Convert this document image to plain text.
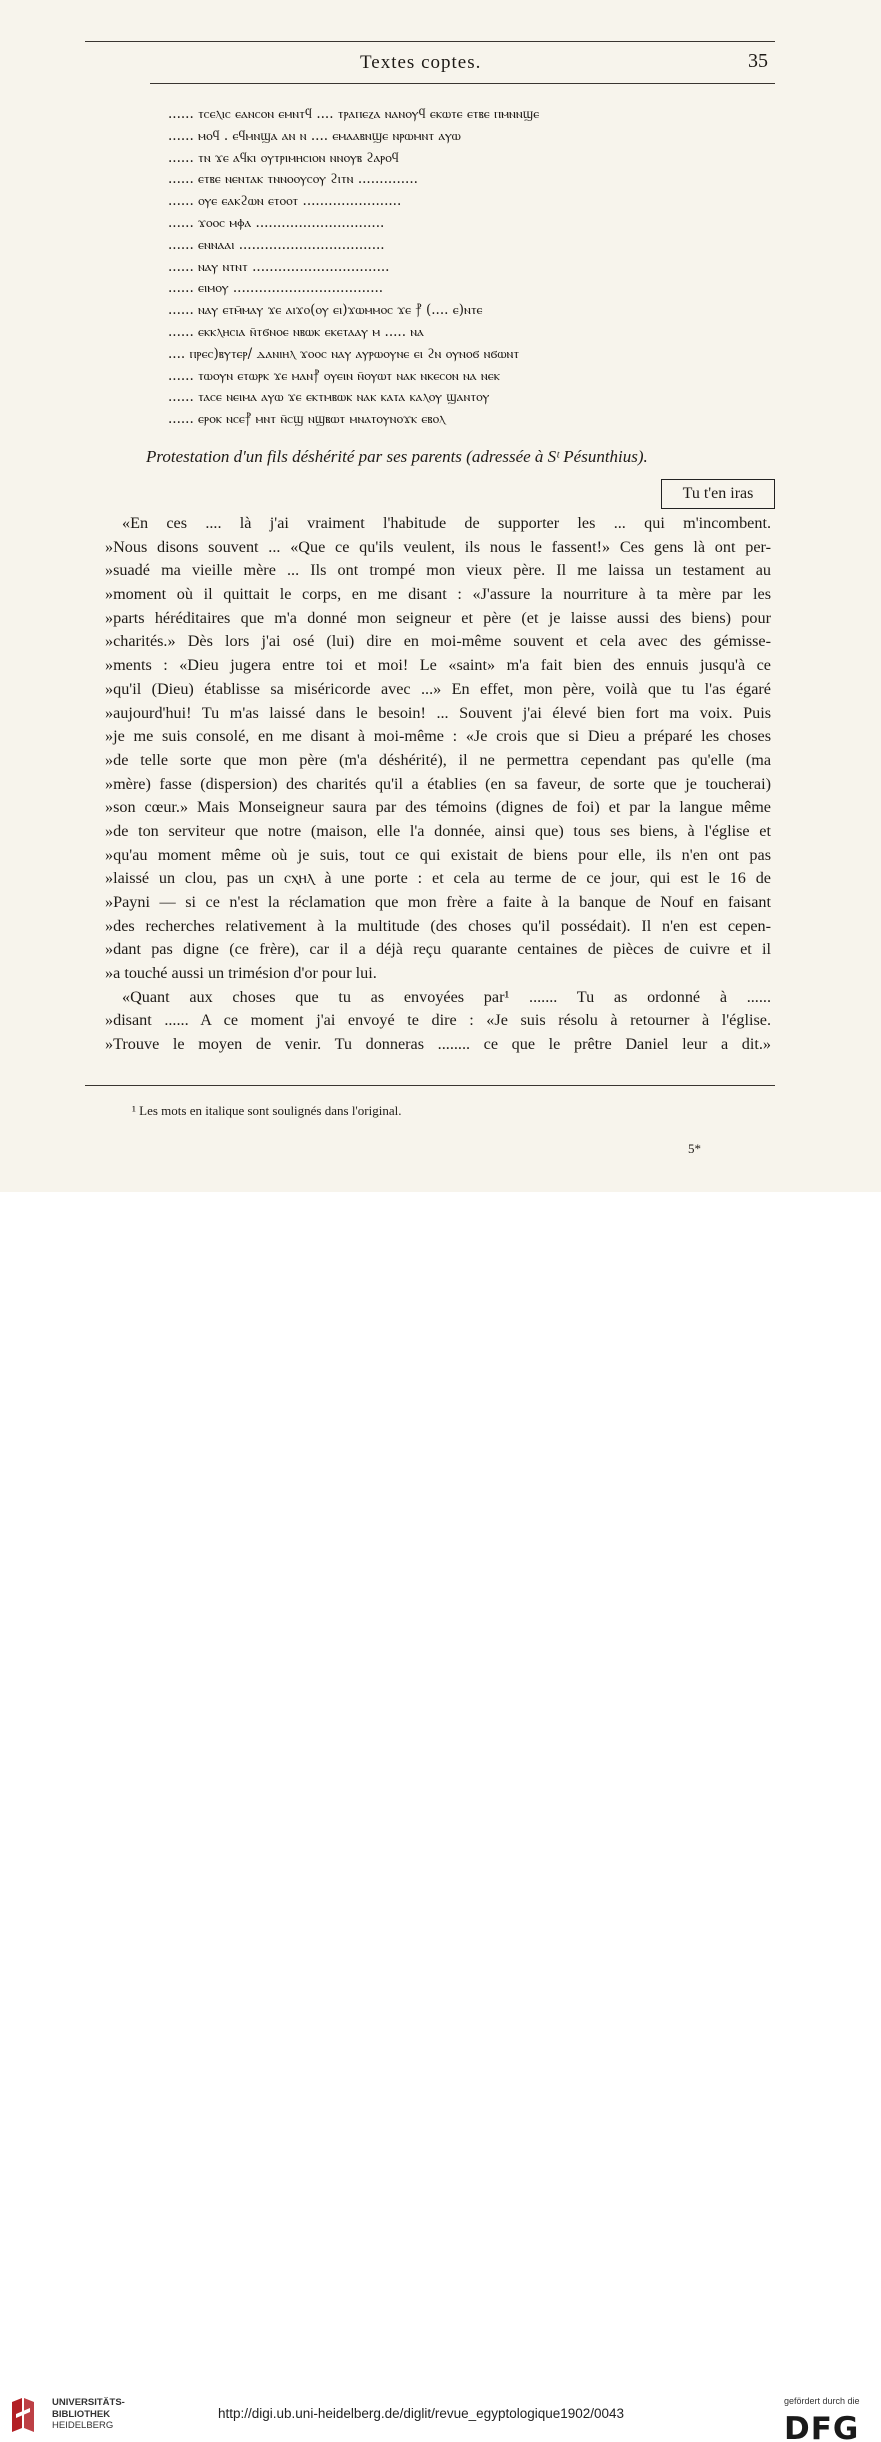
Textes coptes.	35
...... ⲧⲥⲉⲗⲓⲥ ⲉⲁⲛⲥⲟⲛ ⲉⲙⲛⲧϥ .... ⲧⲣⲁⲡⲉⲍⲁ ⲛⲁⲛⲟⲩϥ ⲉⲕⲱⲧⲉ ⲉⲧⲃⲉ ⲡⲙⲛⲛϣⲉ
...... ⲙⲟϥ . ⲉϥⲙⲛϣⲁ ⲁⲛ ⲛ .... ⲉⲙⲁⲁⲃⲛϣⲉ ⲛⲣⲱⲙⲛⲧ ⲁⲩⲱ
...... ⲧⲛ ϫⲉ ⲁϥⲕⲓ ⲟⲩⲧⲣⲓⲙⲏⲥⲓⲟⲛ ⲛⲛⲟⲩⲃ ϩⲁⲣⲟϥ
...... ⲉⲧⲃⲉ ⲛⲉⲛⲧⲁⲕ ⲧⲛⲛⲟⲟⲩⲥⲟⲩ ϩⲓⲧⲛ ..............
...... ⲟⲩⲉ ⲉⲁⲕϩⲱⲛ ⲉⲧⲟⲟⲧ .......................
...... ϫⲟⲟⲥ ⲙⲫⲁ ..............................
...... ⲉⲛⲛⲁⲁⲓ ..................................
...... ⲛⲁⲩ ⲛⲧⲛⲧ ................................
...... ⲉⲓⲙⲟⲩ ...................................
...... ⲛⲁⲩ ⲉⲧⲙ̄ⲙⲁⲩ ϫⲉ ⲁⲓϫⲟ(ⲟⲩ ⲉⲓ)ϫⲱⲙⲙⲟⲥ ϫⲉ ⳨ (.... ⲉ)ⲛⲧⲉ
...... ⲉⲕⲕⲗⲏⲥⲓⲁ ⲛ̄ⲧϭⲛⲟⲉ ⲛⲃⲱⲕ ⲉⲕⲉⲧⲁⲁⲩ ⲙ ..... ⲛⲁ
.... ⲡⲣⲉⲥ)ⲃⲩⲧⲉⲣ/ ⲇⲁⲛⲓⲏⲗ ϫⲟⲟⲥ ⲛⲁⲩ ⲁⲩⲣⲱⲟⲩⲛⲉ ⲉⲓ ϩⲛ ⲟⲩⲛⲟϭ ⲛϭⲱⲛⲧ
...... ⲧⲱⲟⲩⲛ ⲉⲧⲱⲣⲕ ϫⲉ ⲙⲁⲛ⳨ ⲟⲩⲉⲓⲛ ⲛ̄ⲟⲩⲱⲧ ⲛⲁⲕ ⲛⲕⲉⲥⲟⲛ ⲛⲁ ⲛⲉⲕ
...... ⲧⲁⲥⲉ ⲛⲉⲓⲙⲁ ⲁⲩⲱ ϫⲉ ⲉⲕⲧⲙⲃⲱⲕ ⲛⲁⲕ ⲕⲁⲧⲁ ⲕⲁⲗⲟⲩ ϣⲁⲛⲧⲟⲩ
...... ⲉⲣⲟⲕ ⲛⲥⲉ⳨ ⲙⲛⲧ ⲛ̄ⲥϣ ⲛϣⲃⲱⲧ ⲙⲛⲁⲧⲟⲩⲛⲟϫⲕ ⲉⲃⲟⲗ
Protestation d'un fils déshérité par ses parents (adressée à Sᵗ Pésunthius).
Tu t'en iras
«En ces .... là j'ai vraiment l'habitude de supporter les ... qui m'incombent.
»Nous disons souvent ... «Que ce qu'ils veulent, ils nous le fassent!» Ces gens là ont per-
»suadé ma vieille mère ... Ils ont trompé mon vieux père. Il me laissa un testament au
»moment où il quittait le corps, en me disant : «J'assure la nourriture à ta mère par les
»parts héréditaires que m'a donné mon seigneur et père (et je laisse aussi des biens) pour
»charités.» Dès lors j'ai osé (lui) dire en moi-même souvent et cela avec des gémisse-
»ments : «Dieu jugera entre toi et moi! Le «saint» m'a fait bien des ennuis jusqu'à ce
»qu'il (Dieu) établisse sa miséricorde avec ...» En effet, mon père, voilà que tu l'as égaré
»aujourd'hui! Tu m'as laissé dans le besoin! ... Souvent j'ai élevé bien fort ma voix. Puis
»je me suis consolé, en me disant à moi-même : «Je crois que si Dieu a préparé les choses
»de telle sorte que mon père (m'a déshérité), il ne permettra cependant pas qu'elle (ma
»mère) fasse (dispersion) des charités qu'il a établies (en sa faveur, de sorte que je toucherai)
»son cœur.» Mais Monseigneur saura par des témoins (dignes de foi) et par la langue même
»de ton serviteur que notre (maison, elle l'a donnée, ainsi que) tous ses biens, à l'église et
»qu'au moment même où je suis, tout ce qui existait de biens pour elle, ils n'en ont pas
»laissé un clou, pas un ⲥⲭⲏⲗ à une porte : et cela au terme de ce jour, qui est le 16 de
»Payni — si ce n'est la réclamation que mon frère a faite à la banque de Nouf en faisant
»des recherches relativement à la multitude (des choses qu'il possédait). Il n'en est cepen-
»dant pas digne (ce frère), car il a déjà reçu quarante centaines de pièces de cuivre et il
»a touché aussi un trimésion d'or pour lui.
«Quant aux choses que tu as envoyées par¹ ....... Tu as ordonné à ......
»disant ...... A ce moment j'ai envoyé te dire : «Je suis résolu à retourner à l'église.
»Trouve le moyen de venir. Tu donneras ........ ce que le prêtre Daniel leur a dit.»
¹ Les mots en italique sont soulignés dans l'original.
5*
UNIVERSITÄTS-
BIBLIOTHEK
HEIDELBERG
http://digi.ub.uni-heidelberg.de/diglit/revue_egyptologique1902/0043
gefördert durch die
DFG
